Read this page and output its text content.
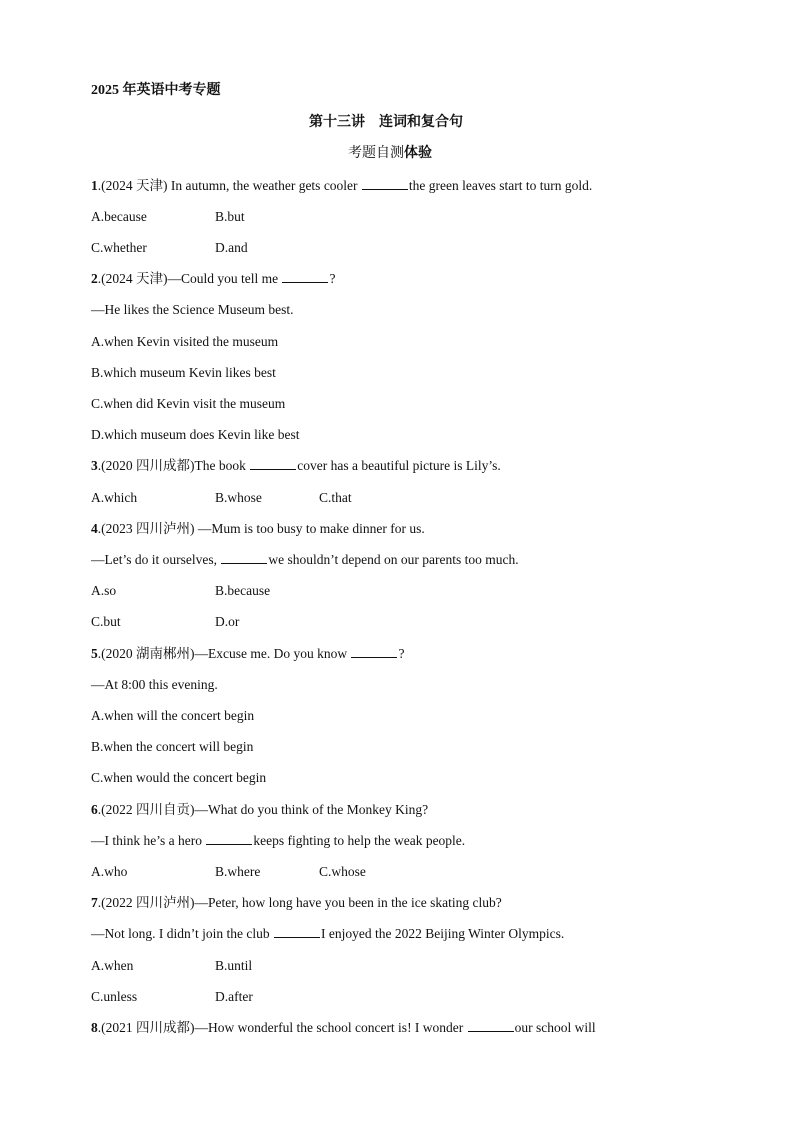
2025 年英语中考专题
第十三讲　连词和复合句
考题自测体验
1.(2024 天津) In autumn, the weather gets cooler	the green leaves start to turn gold.
A.because	B.but
C.whether	D.and
2.(2024 天津)—Could you tell me	?
—He likes the Science Museum best.
A.when Kevin visited the museum
B.which museum Kevin likes best
C.when did Kevin visit the museum
D.which museum does Kevin like best
3.(2020 四川成都)The book	cover has a beautiful picture is Lily’s.
A.which	B.whose	C.that
4.(2023 四川泸州) —Mum is too busy to make dinner for us.
—Let’s do it ourselves,	we shouldn’t depend on our parents too much.
A.so	B.because
C.but	D.or
5.(2020 湖南郴州)—Excuse me. Do you know	?
—At 8:00 this evening.
A.when will the concert begin
B.when the concert will begin
C.when would the concert begin
6.(2022 四川自贡)—What do you think of the Monkey King?
—I think he’s a hero	keeps fighting to help the weak people.
A.who	B.where	C.whose
7.(2022 四川泸州)—Peter, how long have you been in the ice skating club?
—Not long. I didn’t join the club	I enjoyed the 2022 Beijing Winter Olympics.
A.when	B.until
C.unless	D.after
8.(2021 四川成都)—How wonderful the school concert is! I wonder	our school will
